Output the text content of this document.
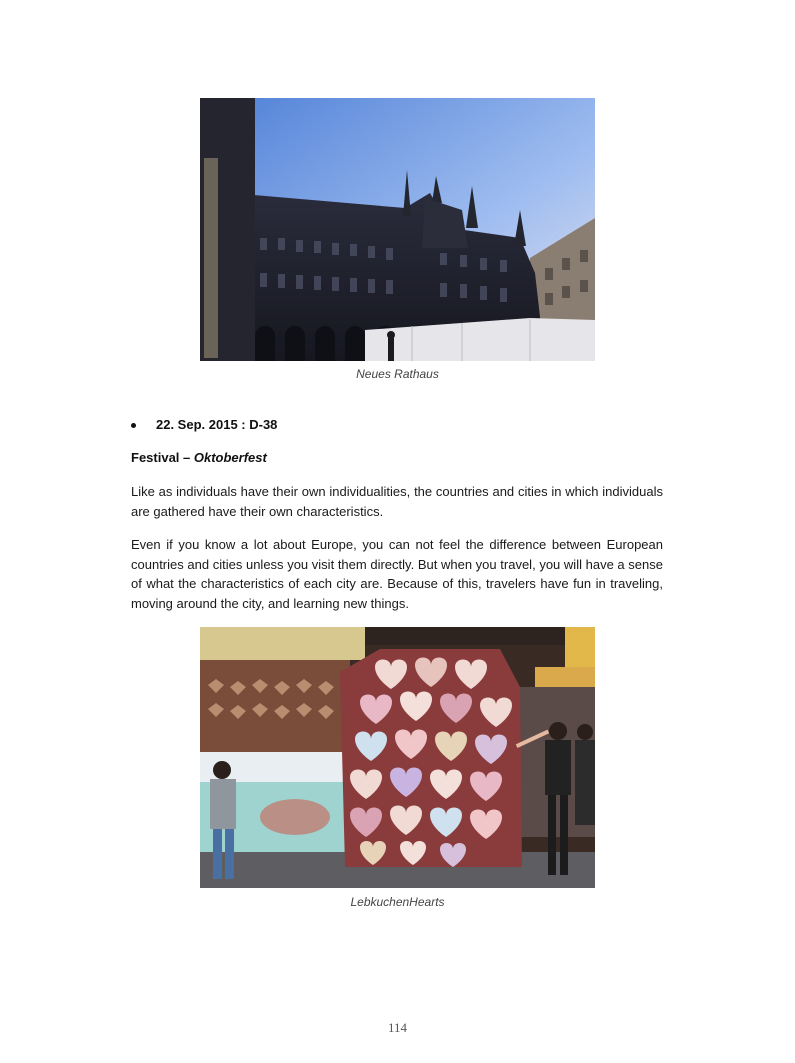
Neues Rathaus
22. Sep. 2015 : D-38
Festival – Oktoberfest

Like as individuals have their own individualities, the countries and cities in which individuals are gathered have their own characteristics.

Even if you know a lot about Europe, you can not feel the difference between European countries and cities unless you visit them directly. But when you travel, you will have a sense of what the characteristics of each city are. Because of this, travelers have fun in traveling, moving around the city, and learning new things.

LebkuchenHearts
114
